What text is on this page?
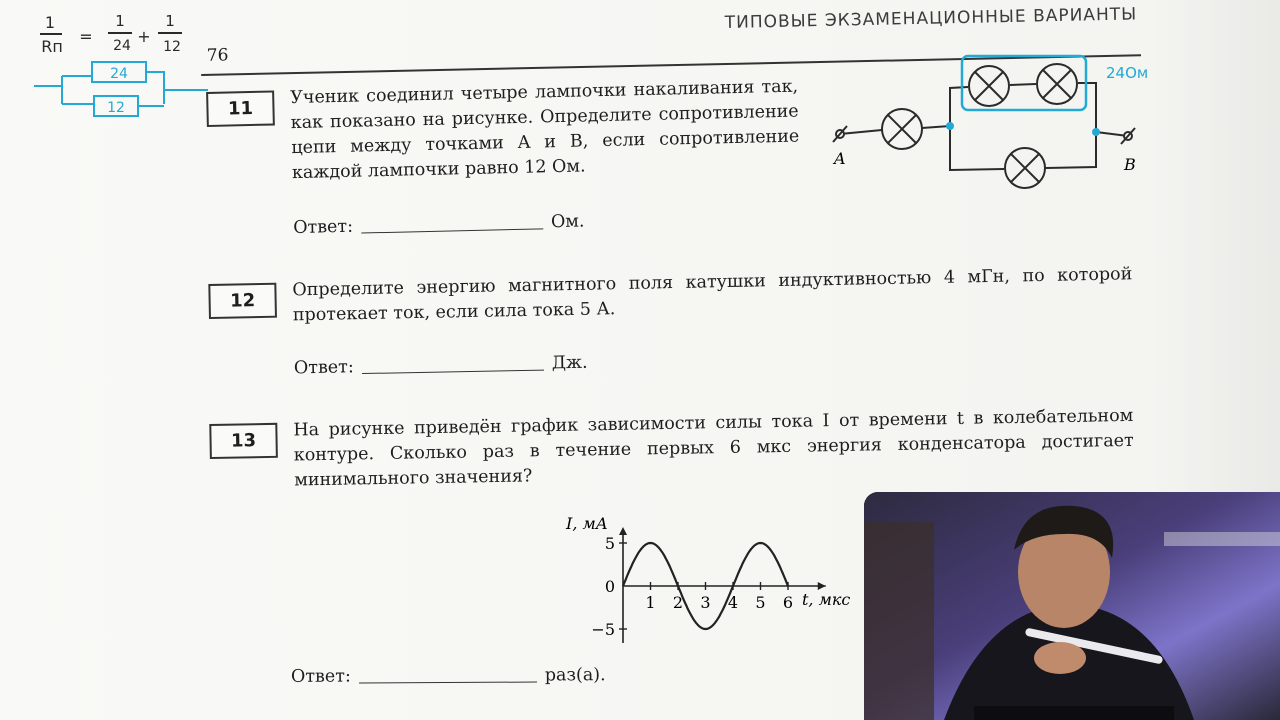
1
Rп
=
1
24 +
1
12
24
12
76
ТИПОВЫЕ ЭКЗАМЕНАЦИОННЫЕ ВАРИАНТЫ
11
Ученик соединил четыре лампочки накаливания так, как показано на рисунке. Определите сопротивление цепи между точками A и B, если сопротивление каждой лампочки равно 12 Ом.
Ответ:	Ом.
A	B
24Ом
12
Определите энергию магнитного поля катушки индуктивностью 4 мГн, по которой протекает ток, если сила тока 5 А.
Ответ:	Дж.
13
На рисунке приведён график зависимости силы тока I от времени t в колебательном контуре. Сколько раз в течение первых 6 мкс энергия конденсатора достигает минимального значения?
1 2 3 4 5 6
5
0
−5
I, мА
t, мкс
Ответ:	раз(а).
